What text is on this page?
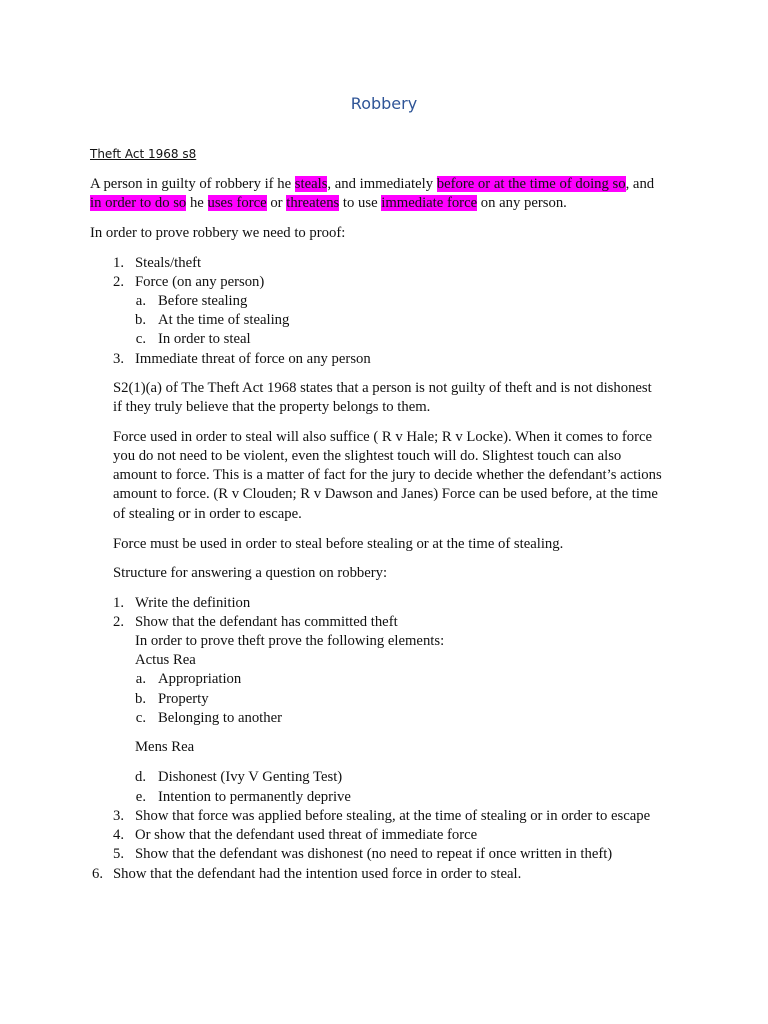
Robbery

Theft Act 1968 s8

A person in guilty of robbery if he steals, and immediately before or at the time of doing so, and

in order to do so he uses force or threatens to use immediate force on any person.

In order to prove robbery we need to proof:

1. Steals/theft
2. Force (on any person)
a. Before stealing
b. At the time of stealing
c. In order to steal
3. Immediate threat of force on any person

S2(1)(a) of The Theft Act 1968 states that a person is not guilty of theft and is not dishonest

if they truly believe that the property belongs to them.

Force used in order to steal will also suffice ( R v Hale; R v Locke). When it comes to force

you do not need to be violent, even the slightest touch will do. Slightest touch can also

amount to force. This is a matter of fact for the jury to decide whether the defendant’s actions

amount to force. (R v Clouden; R v Dawson and Janes) Force can be used before, at the time

of stealing or in order to escape.

Force must be used in order to steal before stealing or at the time of stealing.

Structure for answering a question on robbery:

1. Write the definition
2. Show that the defendant has committed theft
In order to prove theft prove the following elements:
Actus Rea
a. Appropriation
b. Property
c. Belonging to another
Mens Rea
d. Dishonest (Ivy V Genting Test)
e. Intention to permanently deprive
3. Show that force was applied before stealing, at the time of stealing or in order to escape
4. Or show that the defendant used threat of immediate force
5. Show that the defendant was dishonest (no need to repeat if once written in theft)
6. Show that the defendant had the intention used force in order to steal.
